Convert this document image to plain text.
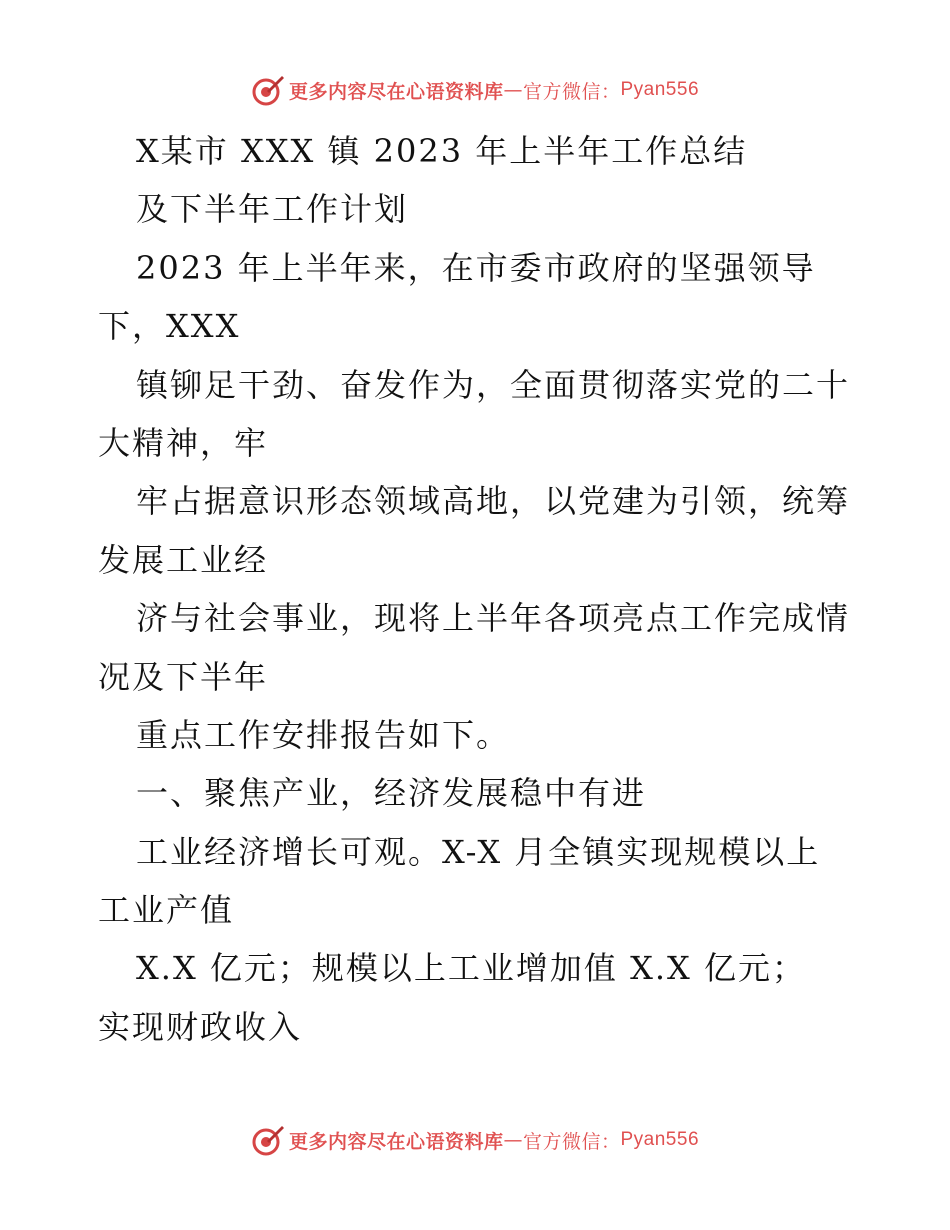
更多内容尽在心语资料库 — 官方微信： Pyan556
X某市 XXX 镇 2023 年上半年工作总结
及下半年工作计划
2023 年上半年来，在市委市政府的坚强领导
下，XXX
镇铆足干劲、奋发作为，全面贯彻落实党的二十
大精神，牢
牢占据意识形态领域高地，以党建为引领，统筹
发展工业经
济与社会事业，现将上半年各项亮点工作完成情
况及下半年
重点工作安排报告如下。
一、聚焦产业，经济发展稳中有进
工业经济增长可观。X-X 月全镇实现规模以上
工业产值
X.X 亿元；规模以上工业增加值 X.X 亿元；
实现财政收入
更多内容尽在心语资料库 — 官方微信： Pyan556
